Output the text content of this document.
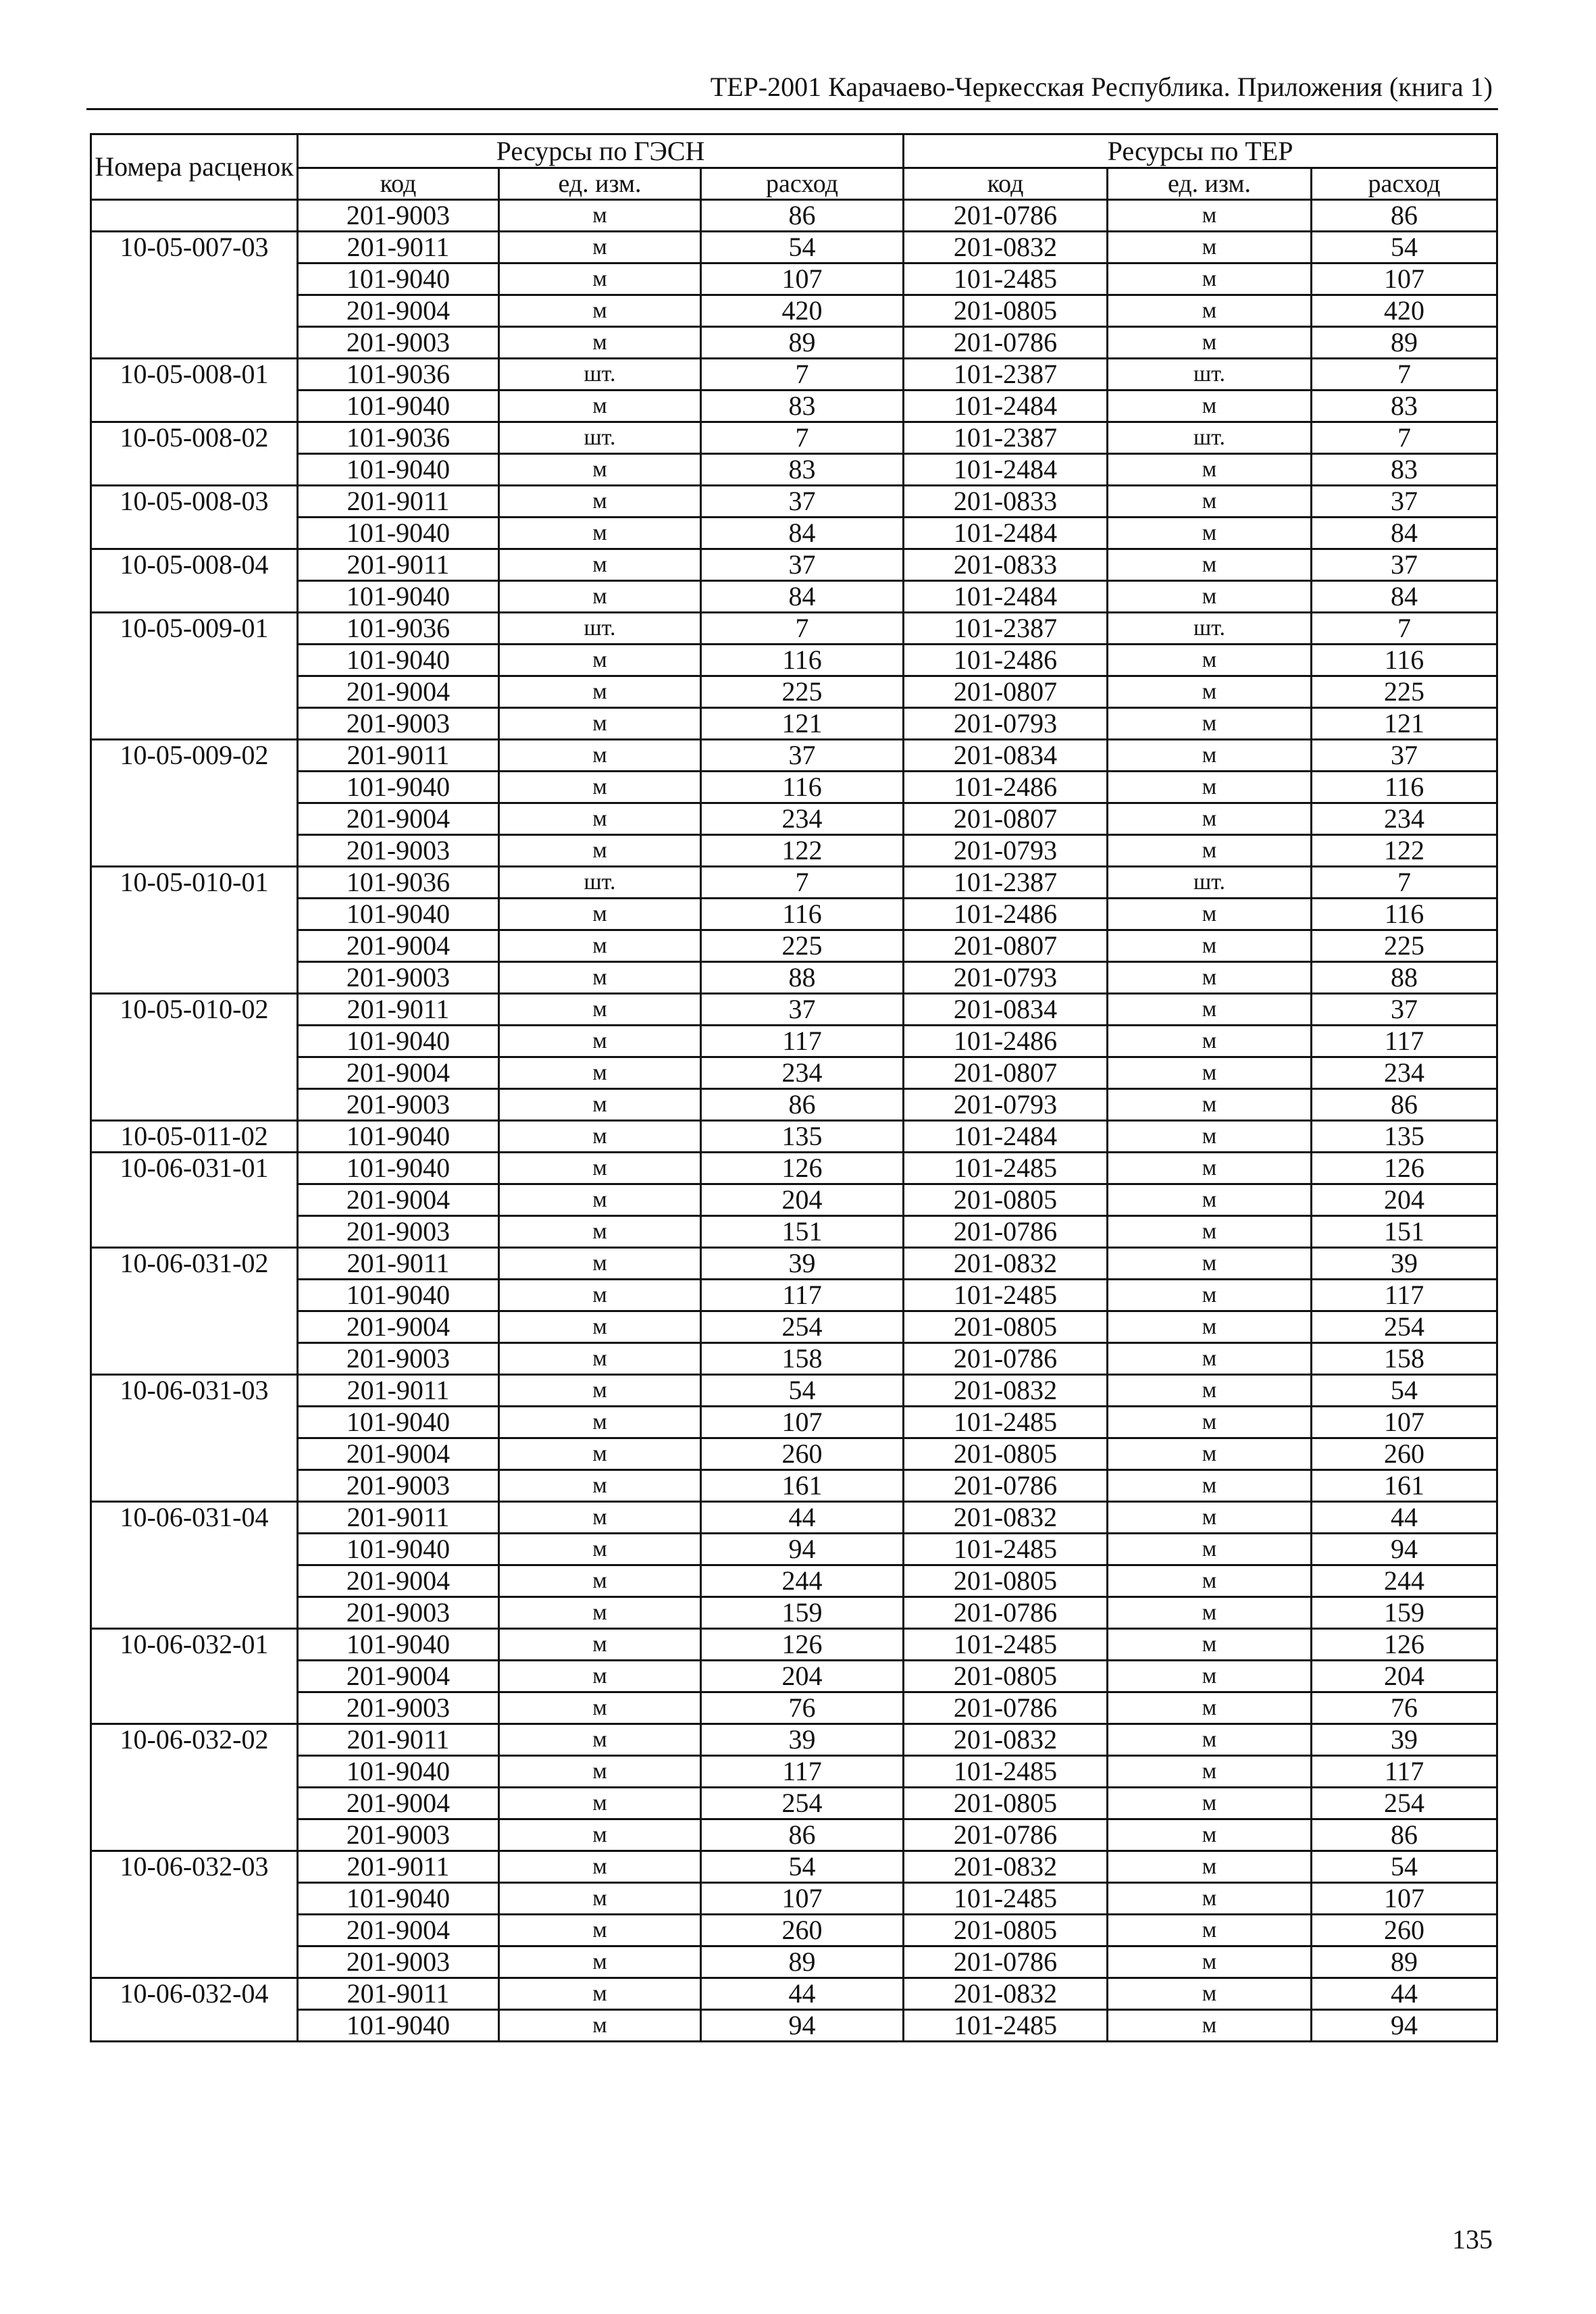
ТЕР-2001 Карачаево-Черкесская Республика. Приложения (книга 1)
Номера расценок	Ресурсы по ГЭСН			Ресурсы по ТЕР		
	код	ед. изм.	расход	код	ед. изм.	расход
	201-9003	м	86	201-0786	м	86
10-05-007-03	201-9011	м	54	201-0832	м	54
	101-9040	м	107	101-2485	м	107
	201-9004	м	420	201-0805	м	420
	201-9003	м	89	201-0786	м	89
10-05-008-01	101-9036	шт.	7	101-2387	шт.	7
	101-9040	м	83	101-2484	м	83
10-05-008-02	101-9036	шт.	7	101-2387	шт.	7
	101-9040	м	83	101-2484	м	83
10-05-008-03	201-9011	м	37	201-0833	м	37
	101-9040	м	84	101-2484	м	84
10-05-008-04	201-9011	м	37	201-0833	м	37
	101-9040	м	84	101-2484	м	84
10-05-009-01	101-9036	шт.	7	101-2387	шт.	7
	101-9040	м	116	101-2486	м	116
	201-9004	м	225	201-0807	м	225
	201-9003	м	121	201-0793	м	121
10-05-009-02	201-9011	м	37	201-0834	м	37
	101-9040	м	116	101-2486	м	116
	201-9004	м	234	201-0807	м	234
	201-9003	м	122	201-0793	м	122
10-05-010-01	101-9036	шт.	7	101-2387	шт.	7
	101-9040	м	116	101-2486	м	116
	201-9004	м	225	201-0807	м	225
	201-9003	м	88	201-0793	м	88
10-05-010-02	201-9011	м	37	201-0834	м	37
	101-9040	м	117	101-2486	м	117
	201-9004	м	234	201-0807	м	234
	201-9003	м	86	201-0793	м	86
10-05-011-02	101-9040	м	135	101-2484	м	135
10-06-031-01	101-9040	м	126	101-2485	м	126
	201-9004	м	204	201-0805	м	204
	201-9003	м	151	201-0786	м	151
10-06-031-02	201-9011	м	39	201-0832	м	39
	101-9040	м	117	101-2485	м	117
	201-9004	м	254	201-0805	м	254
	201-9003	м	158	201-0786	м	158
10-06-031-03	201-9011	м	54	201-0832	м	54
	101-9040	м	107	101-2485	м	107
	201-9004	м	260	201-0805	м	260
	201-9003	м	161	201-0786	м	161
10-06-031-04	201-9011	м	44	201-0832	м	44
	101-9040	м	94	101-2485	м	94
	201-9004	м	244	201-0805	м	244
	201-9003	м	159	201-0786	м	159
10-06-032-01	101-9040	м	126	101-2485	м	126
	201-9004	м	204	201-0805	м	204
	201-9003	м	76	201-0786	м	76
10-06-032-02	201-9011	м	39	201-0832	м	39
	101-9040	м	117	101-2485	м	117
	201-9004	м	254	201-0805	м	254
	201-9003	м	86	201-0786	м	86
10-06-032-03	201-9011	м	54	201-0832	м	54
	101-9040	м	107	101-2485	м	107
	201-9004	м	260	201-0805	м	260
	201-9003	м	89	201-0786	м	89
10-06-032-04	201-9011	м	44	201-0832	м	44
	101-9040	м	94	101-2485	м	94
135
